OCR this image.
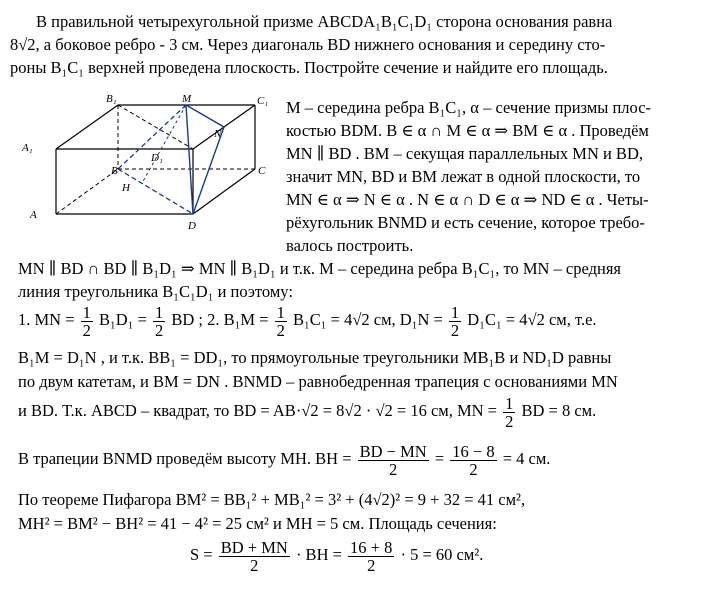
В правильной четырехугольной призме ABCDA₁B₁C₁D₁ сторона основания равна
8√2, а боковое ребро - 3 см. Через диагональ BD нижнего основания и середину сто-
роны B₁C₁ верхней проведена плоскость. Постройте сечение и найдите его площадь.
B₁	M	C₁
A₁
N
D₁
B	C
H
A
D
M – середина ребра B₁C₁, α – сечение призмы плос-
костью BDM. B ∈ α ∩ M ∈ α ⇒ BM ∈ α . Проведём
MN ∥ BD . BM – секущая параллельных MN и BD,
значит MN, BD и BM лежат в одной плоскости, то
MN ∈ α ⇒ N ∈ α . N ∈ α ∩ D ∈ α ⇒ ND ∈ α . Четы-
рёхугольник BNMD и есть сечение, которое требо-
валось построить.
MN ∥ BD ∩ BD ∥ B₁D₁ ⇒ MN ∥ B₁D₁ и т.к. M – середина ребра B₁C₁, то MN – средняя
линия треугольника B₁C₁D₁ и поэтому:
1. MN = $\frac{1}{2} B_1D_1 = \frac{1}{2}$ BD ; 2. $B_1M = \frac{1}{2} B_1C_1 = 4√2$ см, $D_1N = \frac{1}{2} D_1C_1 = 4√2$ см, т.е.
B₁M = D₁N , и т.к. BB₁ = DD₁, то прямоугольные треугольники MB₁B и ND₁D равны
по двум катетам, и BM = DN . BNMD – равнобедренная трапеция с основаниями MN
и BD. Т.к. ABCD – квадрат, то BD = AB·√2 = 8√2 · √2 = 16 см, MN = $\frac{1}{2}$ BD = 8 см.
В трапеции BNMD проведём высоту MH. BH = $\frac{BD - MN}{2} = \frac{16 - 8}{2} = 4$ см.
По теореме Пифагора BM² = BB₁² + MB₁² = 3² + (4√2)² = 9 + 32 = 41 см²,
MH² = BM² − BH² = 41 − 4² = 25 см² и MH = 5 см. Площадь сечения:
$S = \frac{BD + MN}{2}$ · BH = $\frac{16 + 8}{2} \cdot 5 = 60$ см².
